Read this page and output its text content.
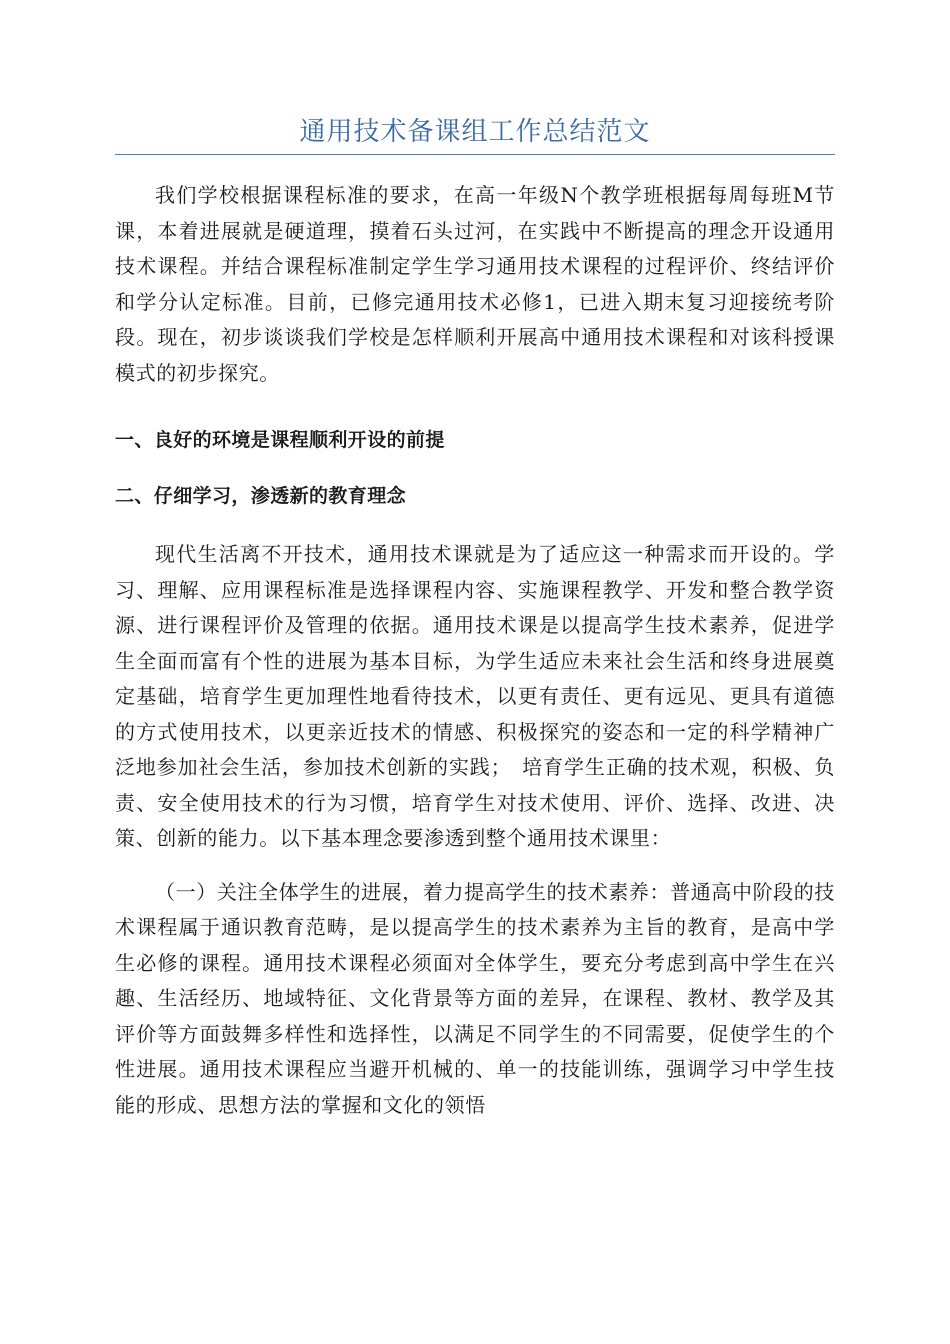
通用技术备课组工作总结范文

我们学校根据课程标准的要求，在高一年级N个教学班根据每周每班M节课，本着进展就是硬道理，摸着石头过河，在实践中不断提高的理念开设通用技术课程。并结合课程标准制定学生学习通用技术课程的过程评价、终结评价和学分认定标准。目前，已修完通用技术必修1，已进入期末复习迎接统考阶段。现在，初步谈谈我们学校是怎样顺利开展高中通用技术课程和对该科授课模式的初步探究。

一、良好的环境是课程顺利开设的前提

二、仔细学习，渗透新的教育理念

现代生活离不开技术，通用技术课就是为了适应这一种需求而开设的。学习、理解、应用课程标准是选择课程内容、实施课程教学、开发和整合教学资源、进行课程评价及管理的依据。通用技术课是以提高学生技术素养，促进学生全面而富有个性的进展为基本目标，为学生适应未来社会生活和终身进展奠定基础，培育学生更加理性地看待技术，以更有责任、更有远见、更具有道德的方式使用技术，以更亲近技术的情感、积极探究的姿态和一定的科学精神广泛地参加社会生活，参加技术创新的实践；　培育学生正确的技术观，积极、负责、安全使用技术的行为习惯，培育学生对技术使用、评价、选择、改进、决策、创新的能力。以下基本理念要渗透到整个通用技术课里：

（一）关注全体学生的进展，着力提高学生的技术素养：普通高中阶段的技术课程属于通识教育范畴，是以提高学生的技术素养为主旨的教育，是高中学生必修的课程。通用技术课程必须面对全体学生，要充分考虑到高中学生在兴趣、生活经历、地域特征、文化背景等方面的差异，在课程、教材、教学及其评价等方面鼓舞多样性和选择性，以满足不同学生的不同需要，促使学生的个性进展。通用技术课程应当避开机械的、单一的技能训练，强调学习中学生技能的形成、思想方法的掌握和文化的领悟
